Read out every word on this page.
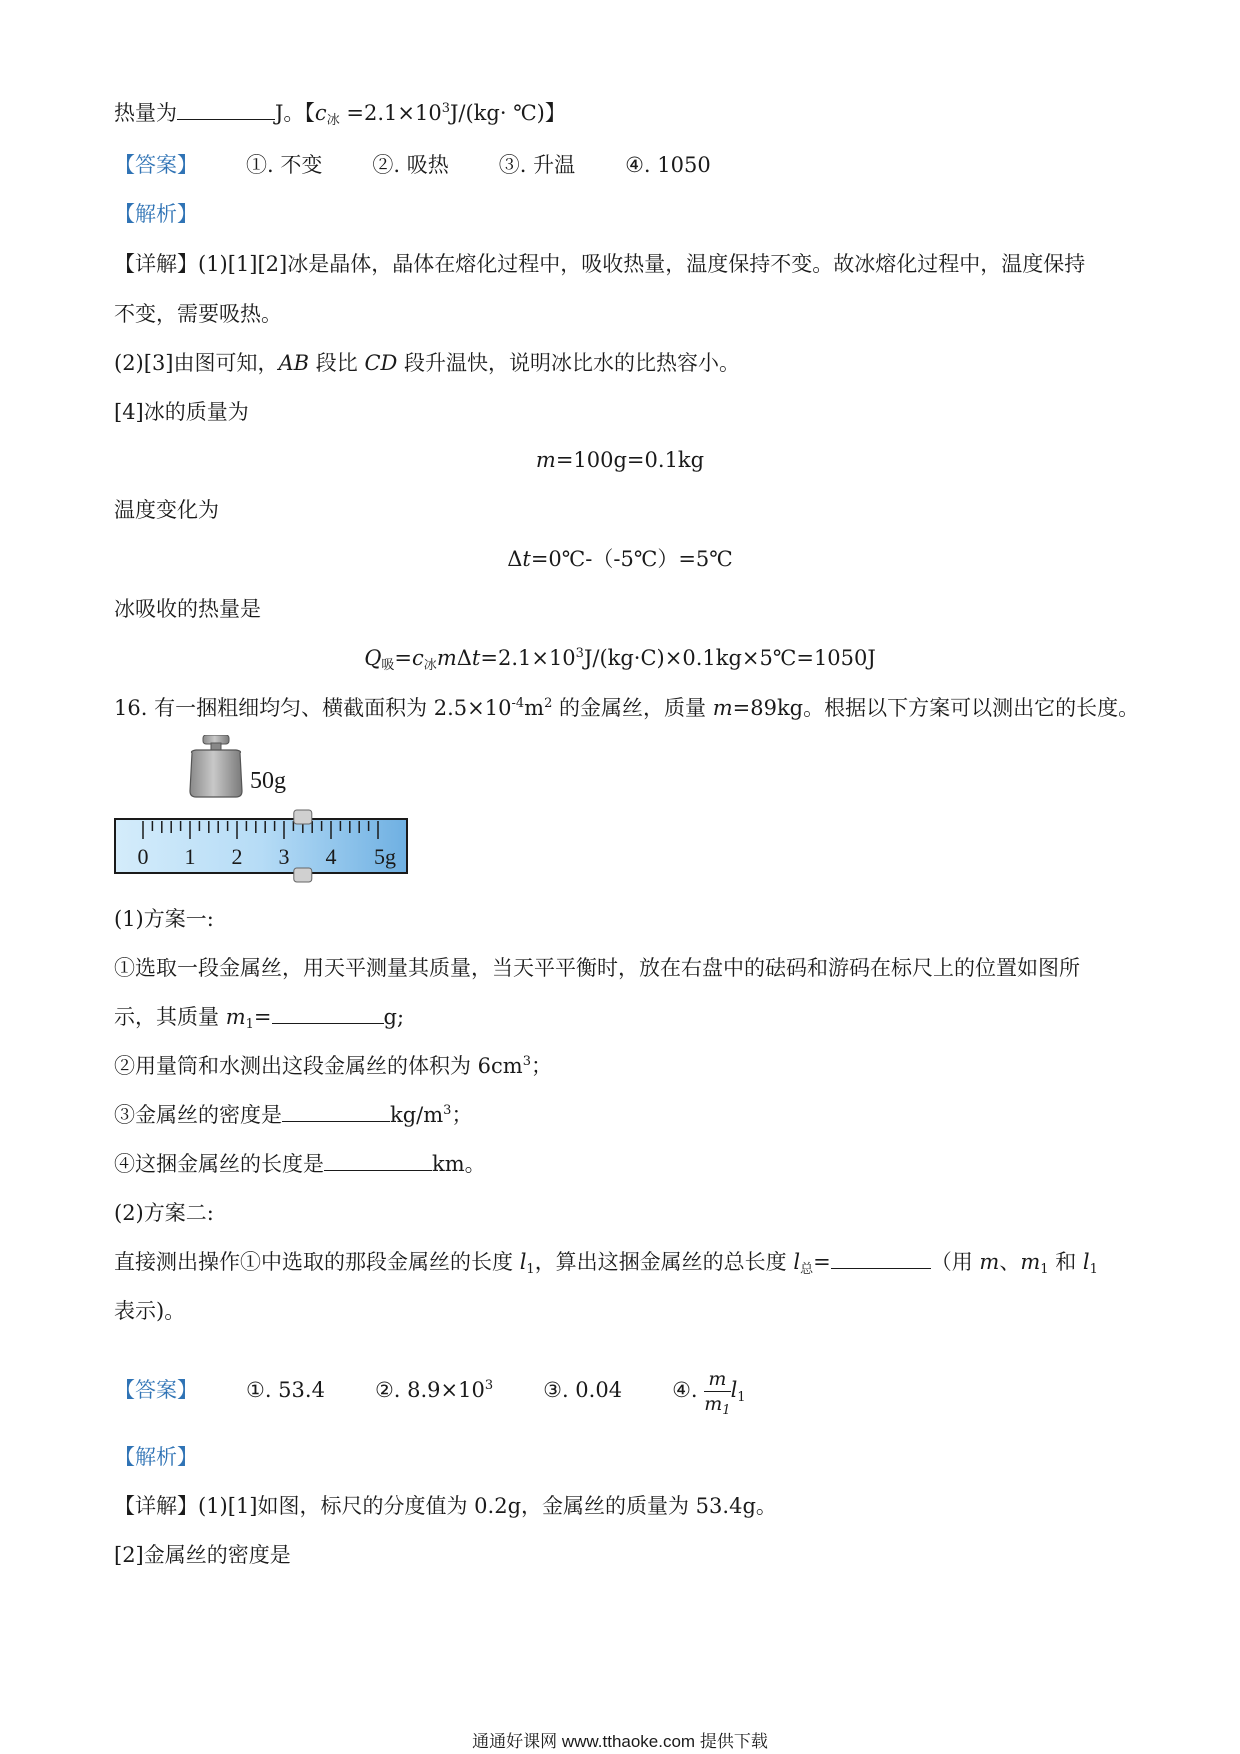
热量为	J。【$c_冰 =2.1\times 10^3J/(kg\cdot$ ℃)】
【答案】 ①. 不变 ②. 吸热 ③. 升温 ④. 1050
【解析】
【详解】(1)[1][2]冰是晶体，晶体在熔化过程中，吸收热量，温度保持不变。故冰熔化过程中，温度保持
不变，需要吸热。
(2)[3]由图可知，AB 段比 CD 段升温快，说明冰比水的比热容小。
[4]冰的质量为
m=100g=0.1kg
温度变化为
Δt=0℃-（-5℃）=5℃
冰吸收的热量是
$Q_吸=c_冰m\Delta t=2.1\times 10^3J/(kg\cdot C)\times 0.1kg\times 5℃=1050J$
16. 有一捆粗细均匀、横截面积为 $2.5\times 10^{-4}m^2$ 的金属丝，质量 m=89kg。根据以下方案可以测出它的长度。
50g
0 1 2 3 4 5g
(1)方案一:
①选取一段金属丝，用天平测量其质量，当天平平衡时，放在右盘中的砝码和游码在标尺上的位置如图所
示，其质量 $m_1=$	g;
②用量筒和水测出这段金属丝的体积为 $6cm^3$；
③金属丝的密度是	$kg/m^3$；
④这捆金属丝的长度是	km。
(2)方案二:
直接测出操作①中选取的那段金属丝的长度 $l_1$，算出这捆金属丝的总长度 $l_总=$	（用 m、$m_1$ 和 $l_1$
表示)。
【答案】 ①. 53.4 ②. $8.9\times 10^3$ ③. 0.04 ④. $\frac{m}{m_1} l_1$
【解析】
【详解】(1)[1]如图，标尺的分度值为 0.2g，金属丝的质量为 53.4g。
[2]金属丝的密度是
通通好课网 www.tthaoke.com 提供下载
